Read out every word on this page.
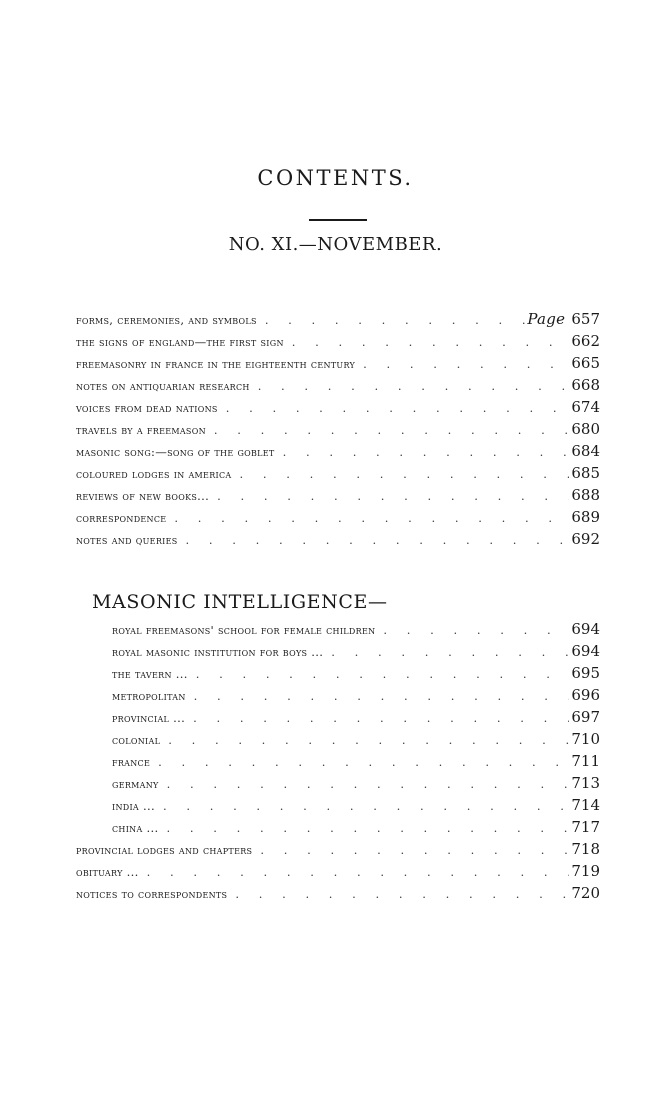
CONTENTS.
NO. XI.—NOVEMBER.
forms, ceremonies, and symbols . . .	Page 657
the signs of england—the first sign . . .	662
freemasonry in france in the eighteenth century . . .	665
notes on antiquarian research . . .	668
voices from dead nations . . .	674
travels by a freemason . . .	680
masonic song:—song of the goblet . . .	684
coloured lodges in america . . .	685
reviews of new books... . . .	688
correspondence . . .	689
notes and queries . . .	692
MASONIC INTELLIGENCE—
royal freemasons' school for female children . . .	694
royal masonic institution for boys ... . . .	694
the tavern ... . . .	695
metropolitan . . .	696
provincial ... . . .	697
colonial . . .	710
france . . .	711
germany . . .	713
india ... . . .	714
china ... . . .	717
provincial lodges and chapters . . .	718
obituary ... . . .	719
notices to correspondents . . .	720
